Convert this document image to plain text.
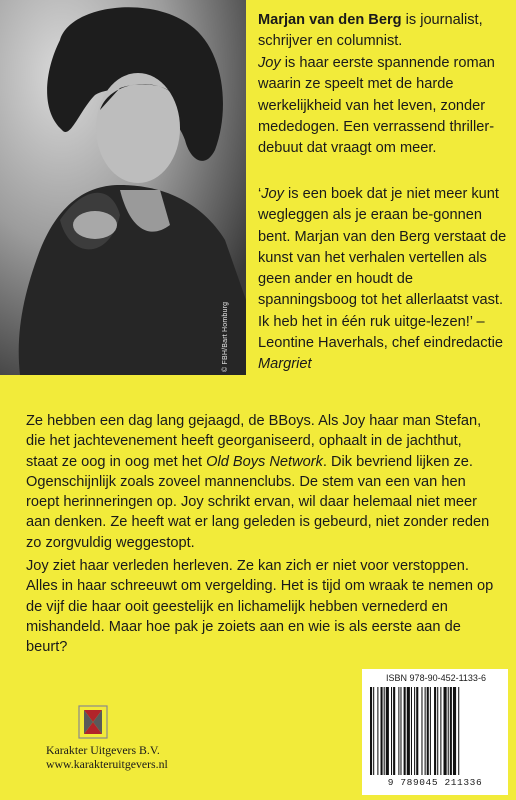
© FBH/Bart Homburg

Marjan van den Berg is journalist,
schrijver en columnist.
Joy is haar eerste spannende roman waarin ze speelt met de harde werkelijkheid van het leven, zonder mededogen. Een verrassend thriller-debuut dat vraagt om meer.

‘Joy is een boek dat je niet meer kunt wegleggen als je eraan be-gonnen bent. Marjan van den Berg verstaat de kunst van het verhalen vertellen als geen ander en houdt de spanningsboog tot het allerlaatst vast. Ik heb het in één ruk uitge-lezen!’ – Leontine Haverhals, chef eindredactie Margriet

Ze hebben een dag lang gejaagd, de BBoys. Als Joy haar man Stefan, die het jachtevenement heeft georganiseerd, ophaalt in de jachthut, staat ze oog in oog met het Old Boys Network. Dik bevriend lijken ze. Ogenschijnlijk zoals zoveel mannenclubs. De stem van een van hen roept herinneringen op. Joy schrikt ervan, wil daar helemaal niet meer aan denken. Ze heeft wat er lang geleden is gebeurd, niet zonder reden zo zorgvuldig weggestopt.

Joy ziet haar verleden herleven. Ze kan zich er niet voor verstoppen. Alles in haar schreeuwt om vergelding. Het is tijd om wraak te nemen op de vijf die haar ooit geestelijk en lichamelijk hebben vernederd en mishandeld. Maar hoe pak je zoiets aan en wie is als eerste aan de beurt?

Karakter Uitgevers B.V.
www.karakteruitgevers.nl
ISBN 978-90-452-1133-6
9 789045 211336
